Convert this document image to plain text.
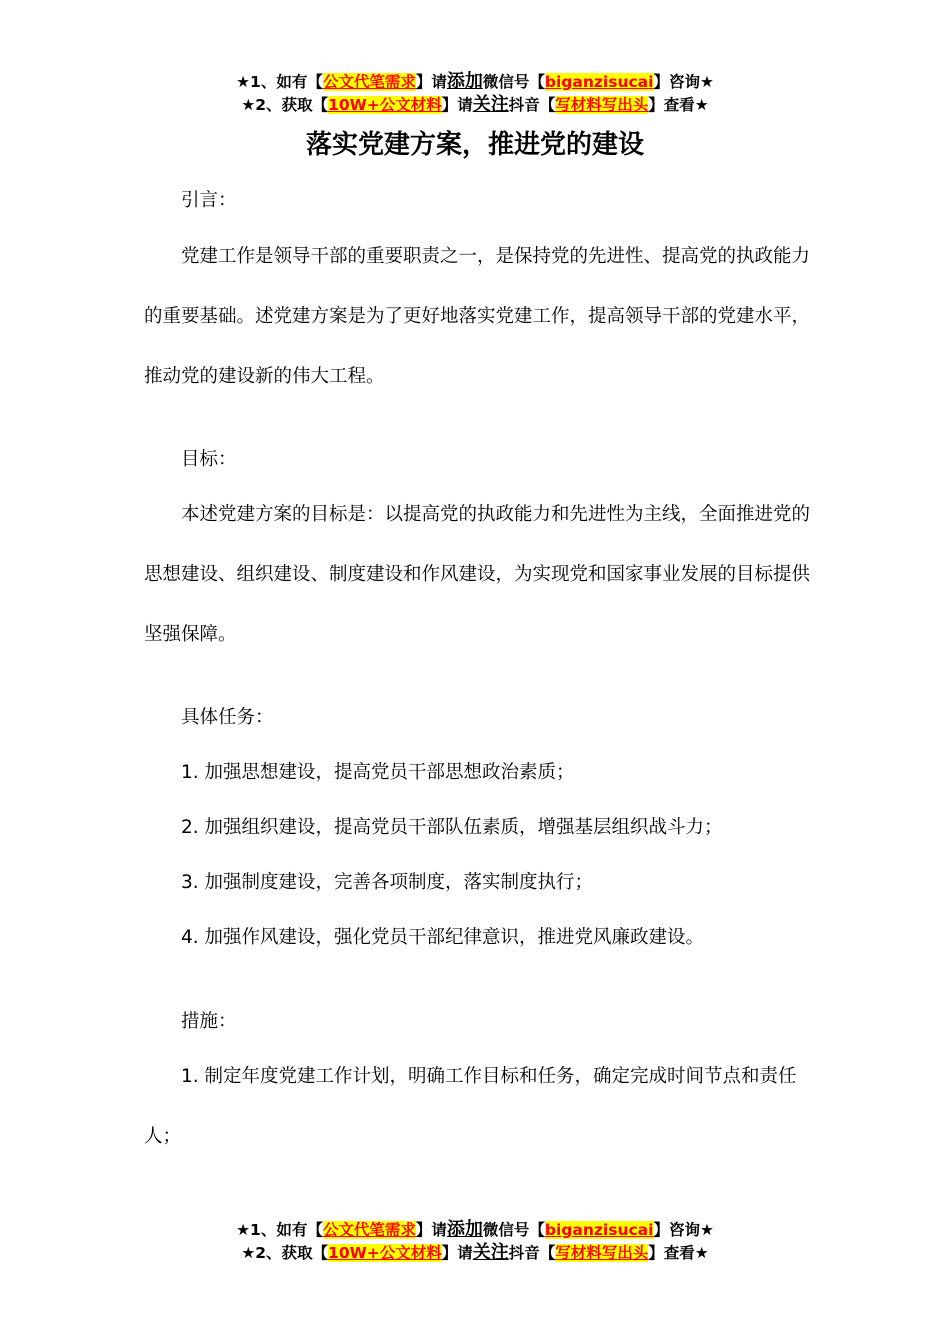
★1、如有【公文代笔需求】请添加微信号【biganzisucai】咨询★
★2、获取【10W+公文材料】请关注抖音【写材料写出头】查看★
落实党建方案，推进党的建设

引言：

党建工作是领导干部的重要职责之一，是保持党的先进性、提高党的执政能力的重要基础。述党建方案是为了更好地落实党建工作，提高领导干部的党建水平，推动党的建设新的伟大工程。

目标：

本述党建方案的目标是：以提高党的执政能力和先进性为主线，全面推进党的思想建设、组织建设、制度建设和作风建设，为实现党和国家事业发展的目标提供坚强保障。

具体任务：

1. 加强思想建设，提高党员干部思想政治素质；

2. 加强组织建设，提高党员干部队伍素质，增强基层组织战斗力；

3. 加强制度建设，完善各项制度，落实制度执行；

4. 加强作风建设，强化党员干部纪律意识，推进党风廉政建设。

措施：

1. 制定年度党建工作计划，明确工作目标和任务，确定完成时间节点和责任人；

★1、如有【公文代笔需求】请添加微信号【biganzisucai】咨询★
★2、获取【10W+公文材料】请关注抖音【写材料写出头】查看★
